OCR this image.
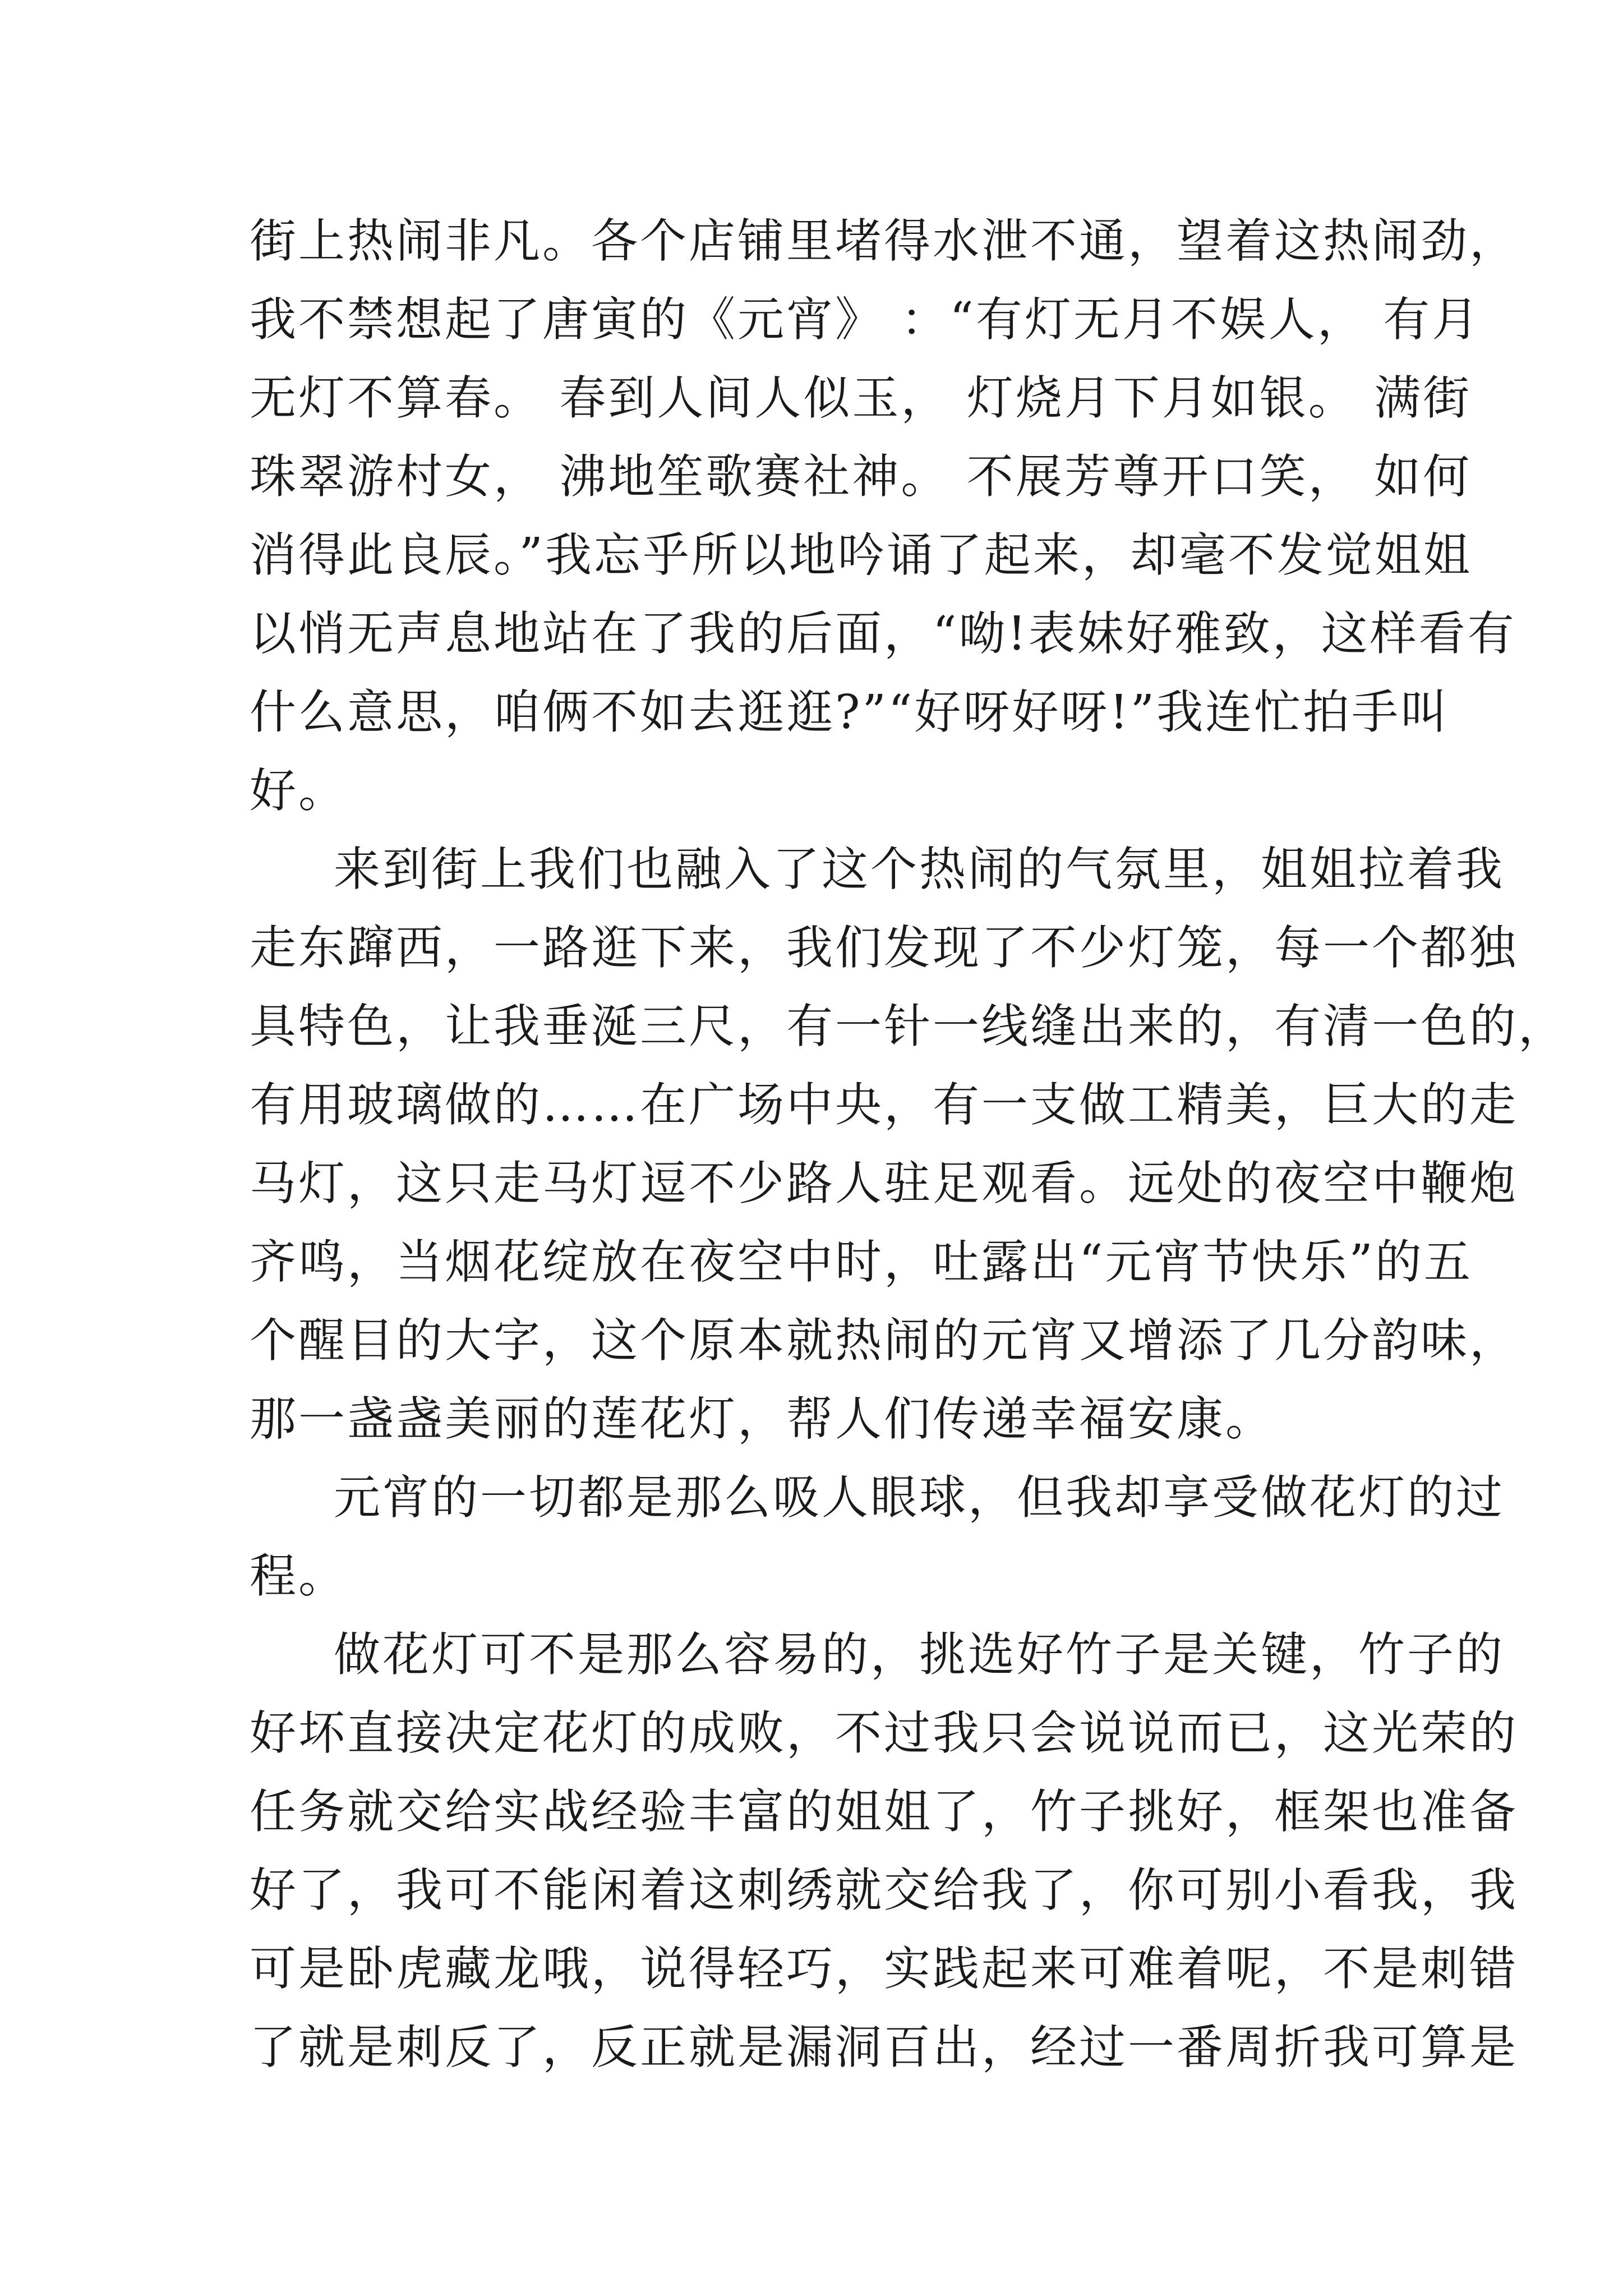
街上热闹非凡。各个店铺里堵得水泄不通，望着这热闹劲，
我不禁想起了唐寅的《元宵》 ：“有灯无月不娱人， 有月
无灯不算春。 春到人间人似玉， 灯烧月下月如银。 满街
珠翠游村女， 沸地笙歌赛社神。 不展芳尊开口笑， 如何
消得此良辰。”我忘乎所以地吟诵了起来，却毫不发觉姐姐
以悄无声息地站在了我的后面，“呦!表妹好雅致，这样看有
什么意思，咱俩不如去逛逛?”“好呀好呀!”我连忙拍手叫
好。
来到街上我们也融入了这个热闹的气氛里，姐姐拉着我
走东蹿西，一路逛下来，我们发现了不少灯笼，每一个都独
具特色，让我垂涎三尺，有一针一线缝出来的，有清一色的，
有用玻璃做的……在广场中央，有一支做工精美，巨大的走
马灯，这只走马灯逗不少路人驻足观看。远处的夜空中鞭炮
齐鸣，当烟花绽放在夜空中时，吐露出“元宵节快乐”的五
个醒目的大字，这个原本就热闹的元宵又增添了几分韵味，
那一盏盏美丽的莲花灯，帮人们传递幸福安康。
元宵的一切都是那么吸人眼球，但我却享受做花灯的过
程。
做花灯可不是那么容易的，挑选好竹子是关键，竹子的
好坏直接决定花灯的成败，不过我只会说说而已，这光荣的
任务就交给实战经验丰富的姐姐了，竹子挑好，框架也准备
好了，我可不能闲着这刺绣就交给我了，你可别小看我，我
可是卧虎藏龙哦，说得轻巧，实践起来可难着呢，不是刺错
了就是刺反了，反正就是漏洞百出，经过一番周折我可算是
